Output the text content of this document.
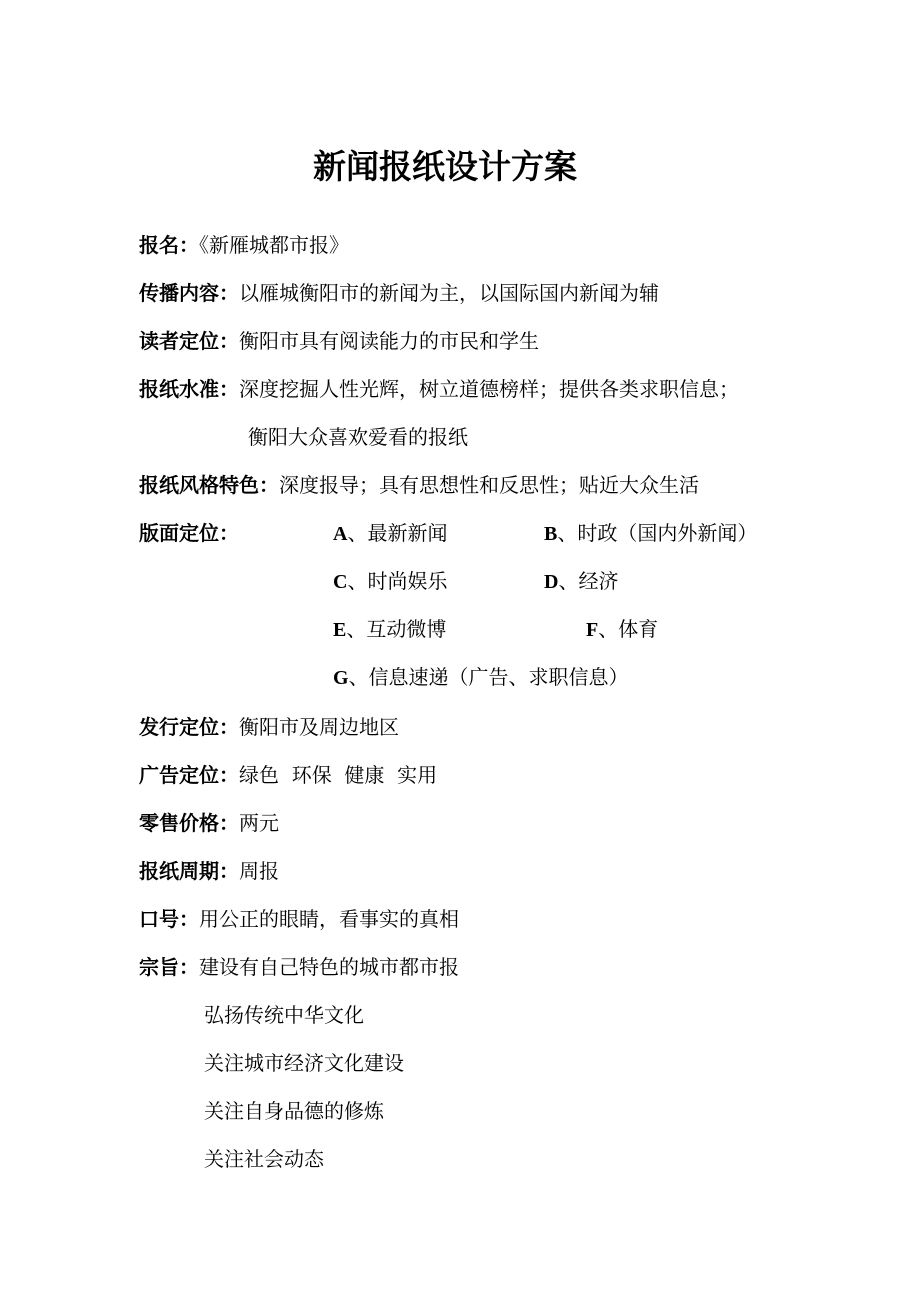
新闻报纸设计方案
报名：《新雁城都市报》
传播内容：以雁城衡阳市的新闻为主，以国际国内新闻为辅
读者定位：衡阳市具有阅读能力的市民和学生
报纸水准：深度挖掘人性光辉，树立道德榜样；提供各类求职信息；
衡阳大众喜欢爱看的报纸
报纸风格特色：深度报导；具有思想性和反思性；贴近大众生活
版面定位：	A、最新新闻	B、时政（国内外新闻）
C、时尚娱乐	D、经济
E、互动微博	F、体育
G、信息速递（广告、求职信息）
发行定位：衡阳市及周边地区
广告定位：绿色  环保  健康  实用
零售价格：两元
报纸周期：周报
口号：用公正的眼睛，看事实的真相
宗旨：建设有自己特色的城市都市报
弘扬传统中华文化
关注城市经济文化建设
关注自身品德的修炼
关注社会动态
